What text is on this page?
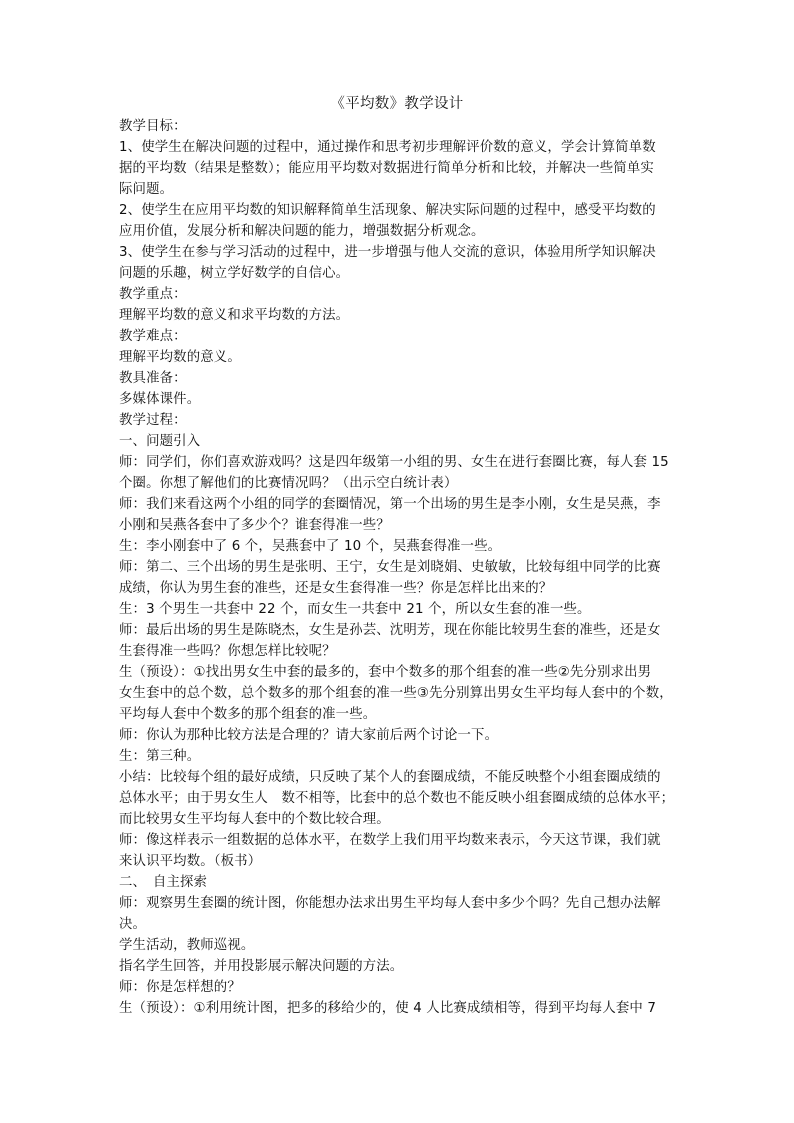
《平均数》教学设计
教学目标：
1、使学生在解决问题的过程中，通过操作和思考初步理解评价数的意义，学会计算简单数
据的平均数（结果是整数）；能应用平均数对数据进行简单分析和比较，并解决一些简单实
际问题。
2、使学生在应用平均数的知识解释简单生活现象、解决实际问题的过程中，感受平均数的
应用价值，发展分析和解决问题的能力，增强数据分析观念。
3、使学生在参与学习活动的过程中，进一步增强与他人交流的意识，体验用所学知识解决
问题的乐趣，树立学好数学的自信心。
教学重点：
理解平均数的意义和求平均数的方法。
教学难点：
理解平均数的意义。
教具准备：
多媒体课件。
教学过程：
一、问题引入
师：同学们，你们喜欢游戏吗？这是四年级第一小组的男、女生在进行套圈比赛，每人套 15
个圈。你想了解他们的比赛情况吗？（出示空白统计表）
师：我们来看这两个小组的同学的套圈情况，第一个出场的男生是李小刚，女生是吴燕，李
小刚和吴燕各套中了多少个？谁套得准一些？
生：李小刚套中了 6 个，吴燕套中了 10 个，吴燕套得准一些。
师：第二、三个出场的男生是张明、王宁，女生是刘晓娟、史敏敏，比较每组中同学的比赛
成绩，你认为男生套的准些，还是女生套得准一些？你是怎样比出来的？
生：3 个男生一共套中 22 个，而女生一共套中 21 个，所以女生套的准一些。
师：最后出场的男生是陈晓杰，女生是孙芸、沈明芳，现在你能比较男生套的准些，还是女
生套得准一些吗？你想怎样比较呢？
生（预设）：①找出男女生中套的最多的，套中个数多的那个组套的准一些②先分别求出男
女生套中的总个数，总个数多的那个组套的准一些③先分别算出男女生平均每人套中的个数，
平均每人套中个数多的那个组套的准一些。
师：你认为那种比较方法是合理的？请大家前后两个讨论一下。
生：第三种。
小结：比较每个组的最好成绩，只反映了某个人的套圈成绩，不能反映整个小组套圈成绩的
总体水平；由于男女生人　数不相等，比套中的总个数也不能反映小组套圈成绩的总体水平；
而比较男女生平均每人套中的个数比较合理。
师：像这样表示一组数据的总体水平，在数学上我们用平均数来表示，今天这节课，我们就
来认识平均数。（板书）
二、　自主探索
师：观察男生套圈的统计图，你能想办法求出男生平均每人套中多少个吗？先自己想办法解
决。
学生活动，教师巡视。
指名学生回答，并用投影展示解决问题的方法。
师：你是怎样想的？
生（预设）：①利用统计图，把多的移给少的，使 4 人比赛成绩相等，得到平均每人套中 7
